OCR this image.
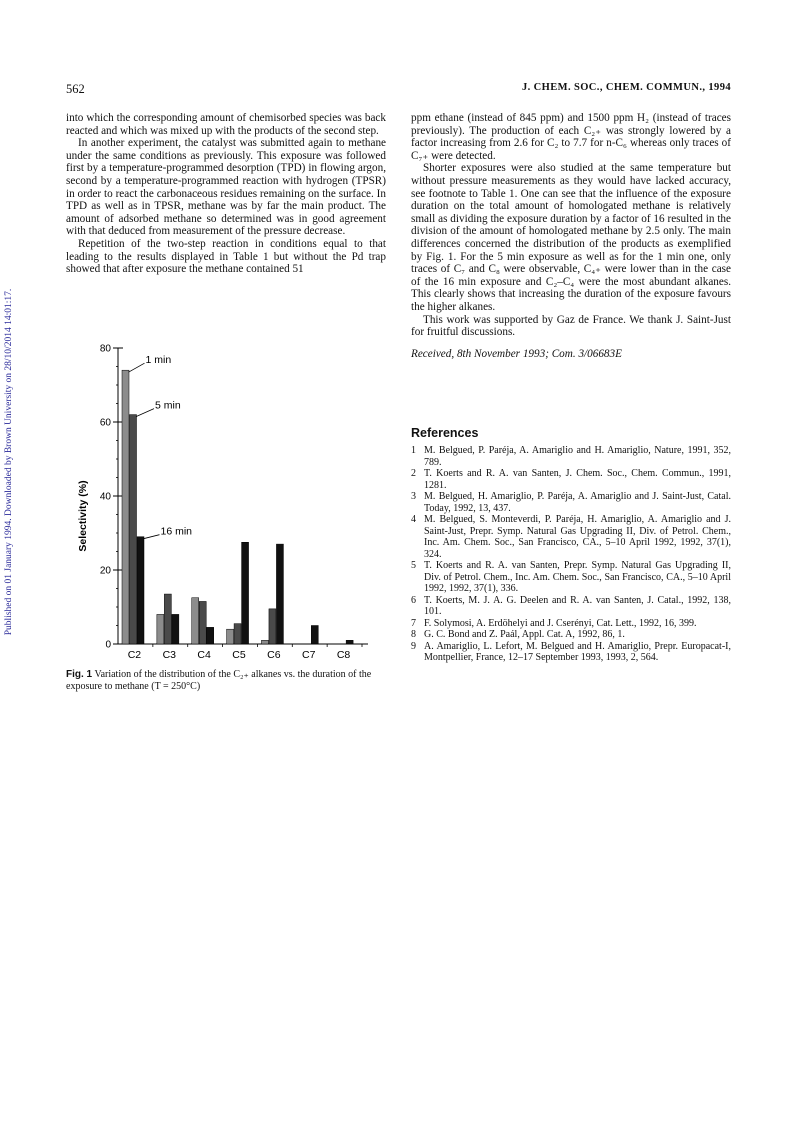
Published on 01 January 1994. Downloaded by Brown University on 28/10/2014 14:01:17.
562	J. CHEM. SOC., CHEM. COMMUN., 1994

into which the corresponding amount of chemisorbed species was back reacted and which was mixed up with the products of the second step.

In another experiment, the catalyst was submitted again to methane under the same conditions as previously. This exposure was followed first by a temperature-programmed desorption (TPD) in flowing argon, second by a temperature-programmed reaction with hydrogen (TPSR) in order to react the carbonaceous residues remaining on the surface. In TPD as well as in TPSR, methane was by far the main product. The amount of adsorbed methane so determined was in good agreement with that deduced from measurement of the pressure decrease.

Repetition of the two-step reaction in conditions equal to that leading to the results displayed in Table 1 but without the Pd trap showed that after exposure the methane contained 51

0
20
40
60
80
Selectivity (%)
C2 C3 C4 C5 C6 C7 C8
1 min
5 min
16 min
Fig. 1 Variation of the distribution of the C₂₊ alkanes vs. the duration of the exposure to methane (T = 250°C)

ppm ethane (instead of 845 ppm) and 1500 ppm H₂ (instead of traces previously). The production of each C₂₊ was strongly lowered by a factor increasing from 2.6 for C₂ to 7.7 for n-C₆ whereas only traces of C₇₊ were detected.

Shorter exposures were also studied at the same temperature but without pressure measurements as they would have lacked accuracy, see footnote to Table 1. One can see that the influence of the exposure duration on the total amount of homologated methane is relatively small as dividing the exposure duration by a factor of 16 resulted in the division of the amount of homologated methane by 2.5 only. The main differences concerned the distribution of the products as exemplified by Fig. 1. For the 5 min exposure as well as for the 1 min one, only traces of C₇ and C₈ were observable, C₄₊ were lower than in the case of the 16 min exposure and C₂–C₄ were the most abundant alkanes. This clearly shows that increasing the duration of the exposure favours the higher alkanes.

This work was supported by Gaz de France. We thank J. Saint-Just for fruitful discussions.

Received, 8th November 1993; Com. 3/06683E

References
1 M. Belgued, P. Paréja, A. Amariglio and H. Amariglio, Nature, 1991, 352, 789.
2 T. Koerts and R. A. van Santen, J. Chem. Soc., Chem. Commun., 1991, 1281.
3 M. Belgued, H. Amariglio, P. Paréja, A. Amariglio and J. Saint-Just, Catal. Today, 1992, 13, 437.
4 M. Belgued, S. Monteverdi, P. Paréja, H. Amariglio, A. Amariglio and J. Saint-Just, Prepr. Symp. Natural Gas Upgrading II, Div. of Petrol. Chem., Inc. Am. Chem. Soc., San Francisco, CA., 5–10 April 1992, 1992, 37(1), 324.
5 T. Koerts and R. A. van Santen, Prepr. Symp. Natural Gas Upgrading II, Div. of Petrol. Chem., Inc. Am. Chem. Soc., San Francisco, CA., 5–10 April 1992, 1992, 37(1), 336.
6 T. Koerts, M. J. A. G. Deelen and R. A. van Santen, J. Catal., 1992, 138, 101.
7 F. Solymosi, A. Erdöhelyi and J. Cserényi, Cat. Lett., 1992, 16, 399.
8 G. C. Bond and Z. Paál, Appl. Cat. A, 1992, 86, 1.
9 A. Amariglio, L. Lefort, M. Belgued and H. Amariglio, Prepr. Europacat-I, Montpellier, France, 12–17 September 1993, 1993, 2, 564.
